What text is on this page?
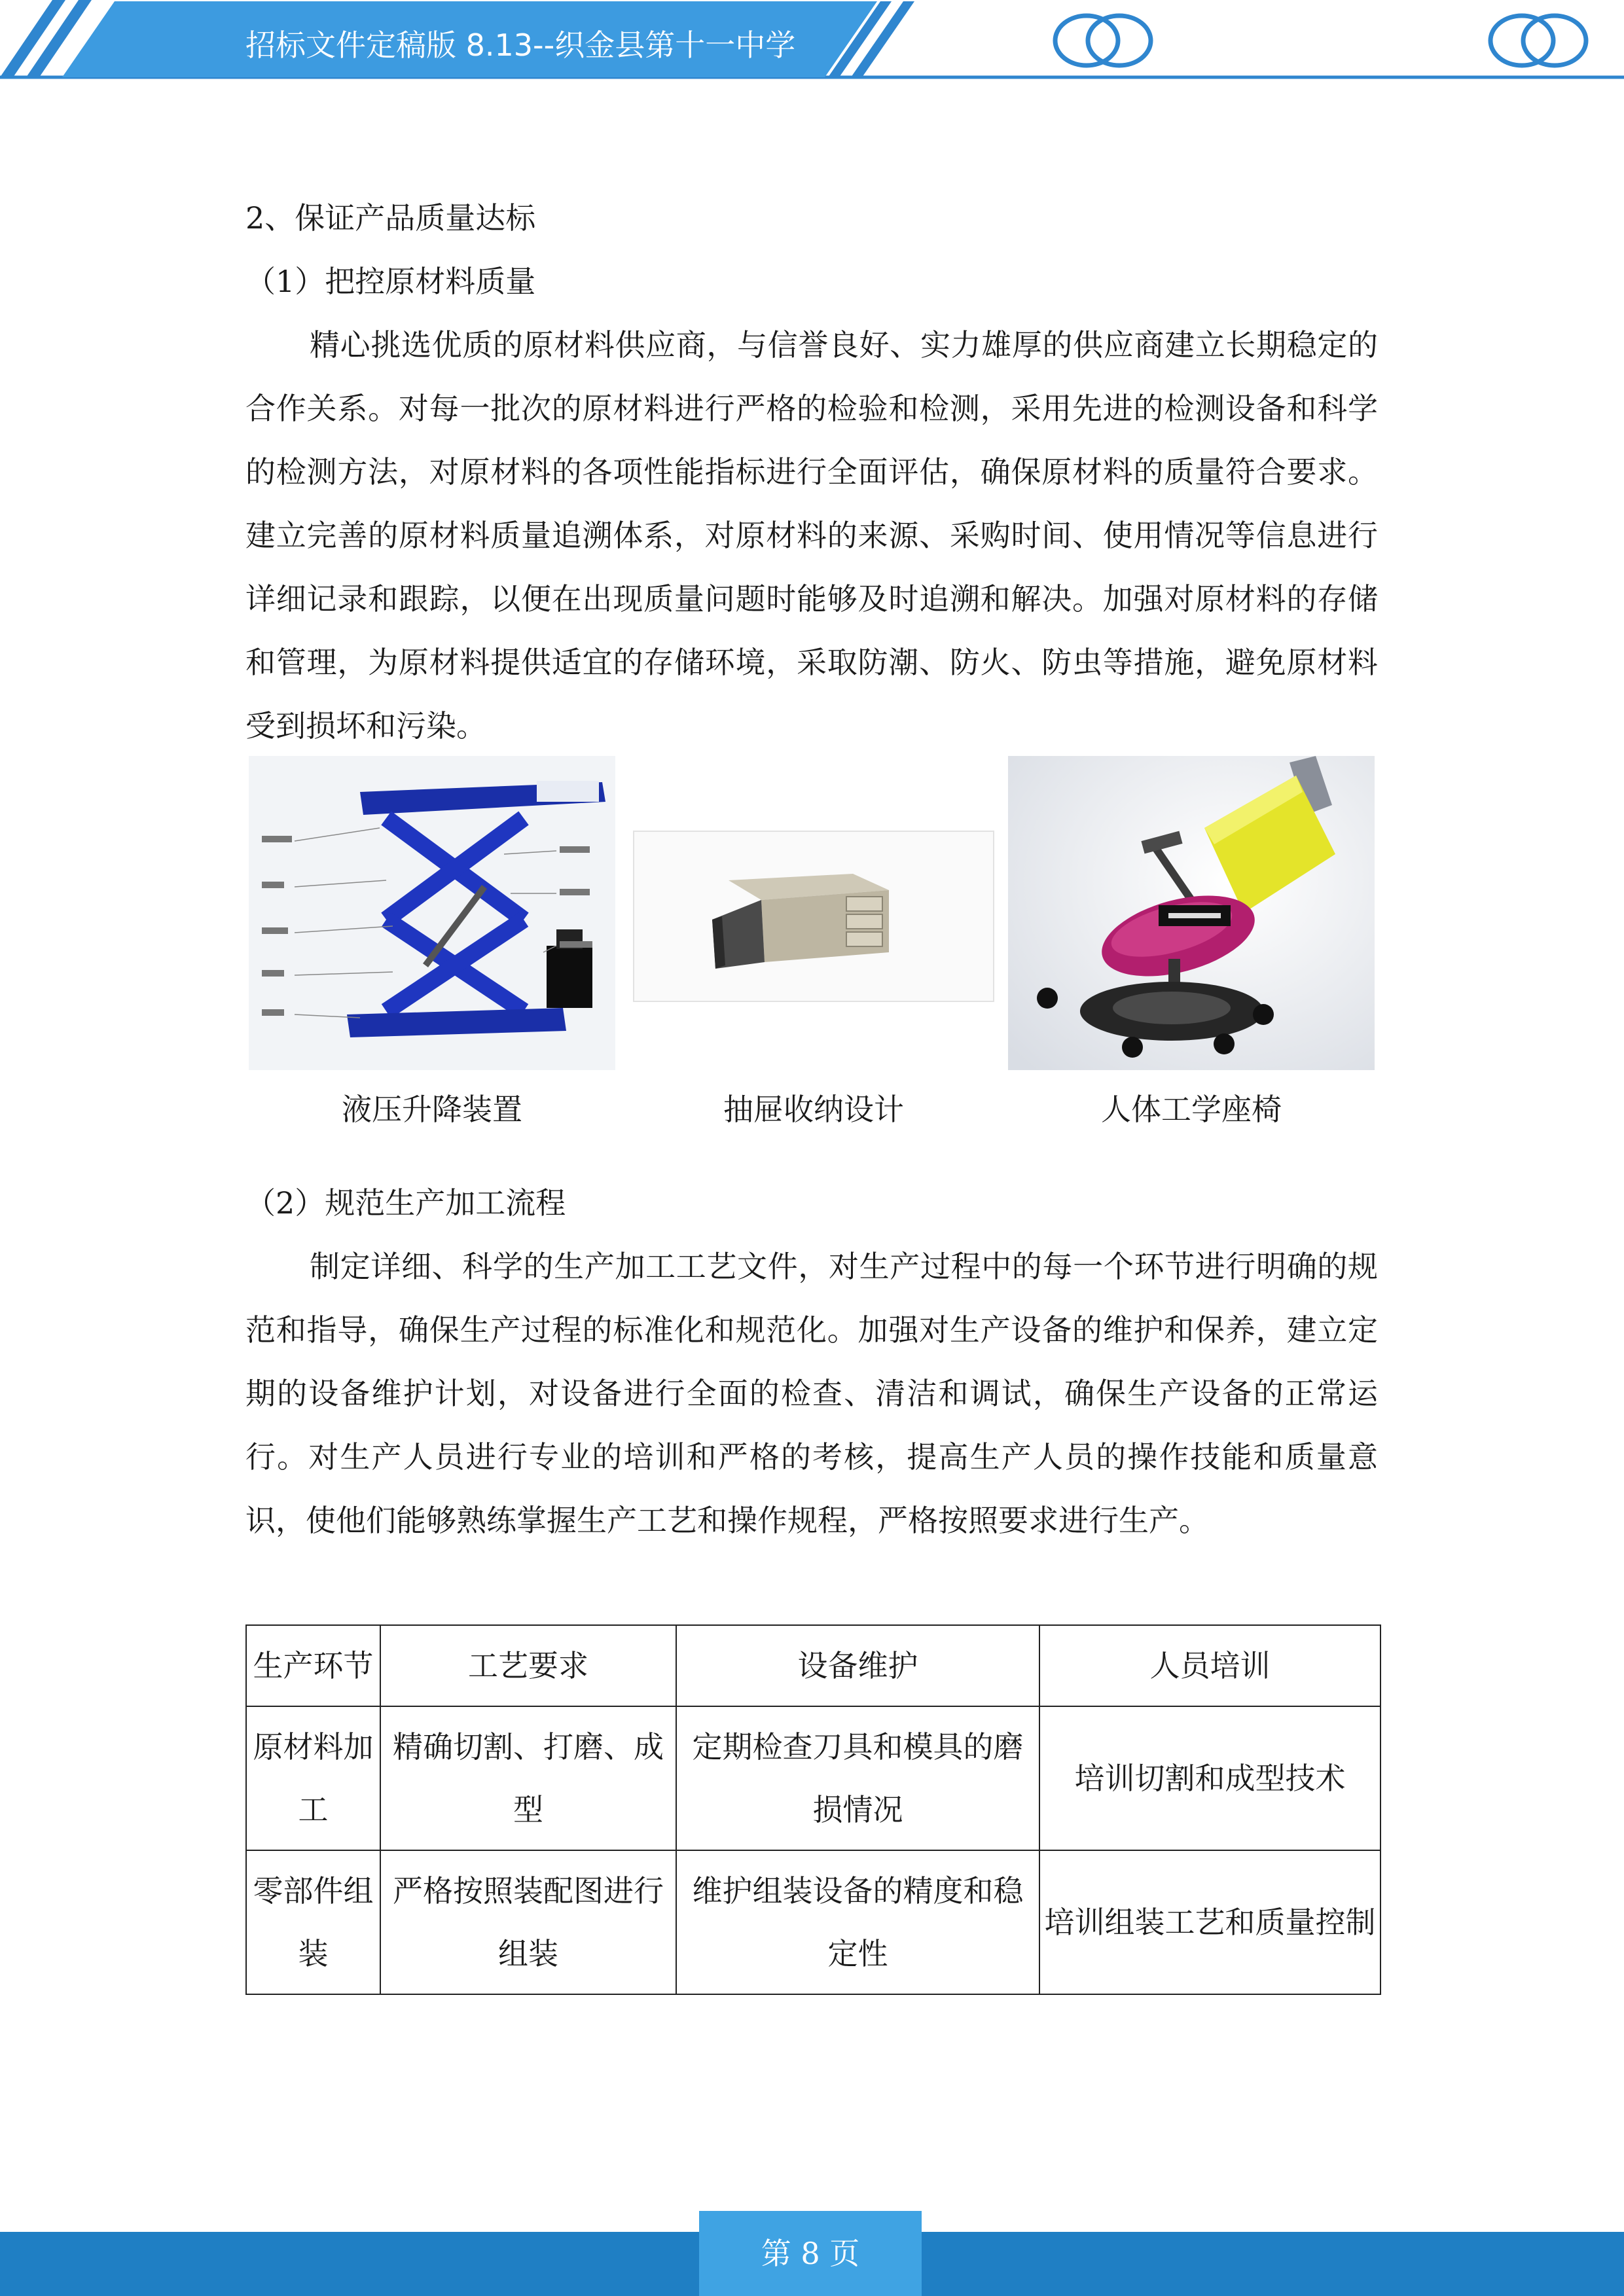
招标文件定稿版 8.13--织金县第十一中学
2、保证产品质量达标
（1）把控原材料质量

精心挑选优质的原材料供应商，与信誉良好、实力雄厚的供应商建立长期稳定的合作关系。对每一批次的原材料进行严格的检验和检测，采用先进的检测设备和科学的检测方法，对原材料的各项性能指标进行全面评估，确保原材料的质量符合要求。建立完善的原材料质量追溯体系，对原材料的来源、采购时间、使用情况等信息进行详细记录和跟踪，以便在出现质量问题时能够及时追溯和解决。加强对原材料的存储和管理，为原材料提供适宜的存储环境，采取防潮、防火、防虫等措施，避免原材料受到损坏和污染。

液压升降装置	抽屉收纳设计	人体工学座椅
（2）规范生产加工流程

制定详细、科学的生产加工工艺文件，对生产过程中的每一个环节进行明确的规范和指导，确保生产过程的标准化和规范化。加强对生产设备的维护和保养，建立定期的设备维护计划，对设备进行全面的检查、清洁和调试，确保生产设备的正常运行。对生产人员进行专业的培训和严格的考核，提高生产人员的操作技能和质量意识，使他们能够熟练掌握生产工艺和操作规程，严格按照要求进行生产。

生产环节	工艺要求	设备维护	人员培训
原材料加工	精确切割、打磨、成型	定期检查刀具和模具的磨损情况	培训切割和成型技术
零部件组装	严格按照装配图进行组装	维护组装设备的精度和稳定性	培训组装工艺和质量控制
第 8 页
